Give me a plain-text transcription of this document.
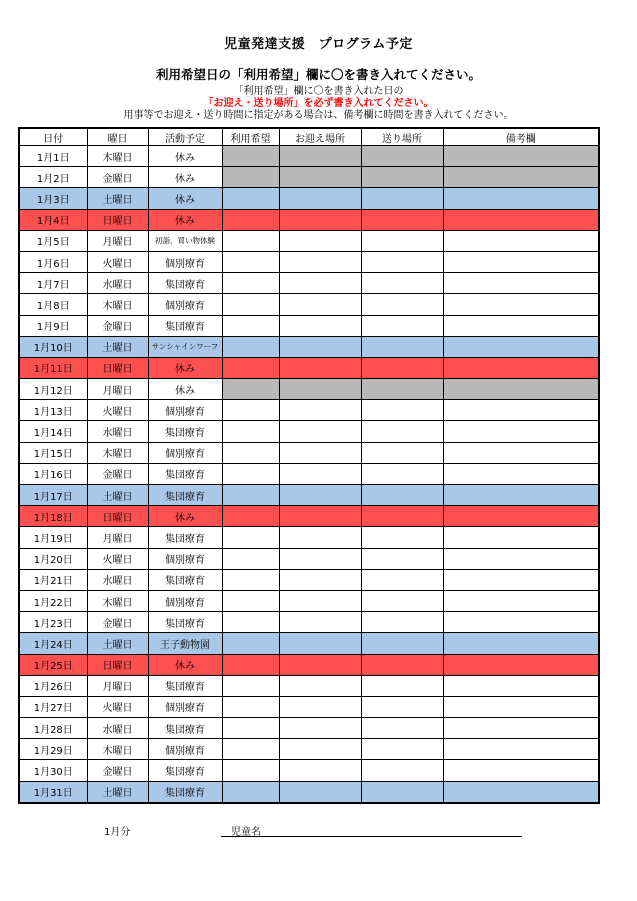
児童発達支援　プログラム予定
利用希望日の「利用希望」欄に〇を書き入れてください。
「利用希望」欄に〇を書き入れた日の
「お迎え・送り場所」を必ず書き入れてください。
用事等でお迎え・送り時間に指定がある場合は、備考欄に時間を書き入れてください。
日付	曜日	活動予定	利用希望	お迎え場所	送り場所	備考欄
1月1日	木曜日	休み				
1月2日	金曜日	休み				
1月3日	土曜日	休み				
1月4日	日曜日	休み				
1月5日	月曜日	初詣、買い物体験				
1月6日	火曜日	個別療育				
1月7日	水曜日	集団療育				
1月8日	木曜日	個別療育				
1月9日	金曜日	集団療育				
1月10日	土曜日	サンシャインワーフ				
1月11日	日曜日	休み				
1月12日	月曜日	休み				
1月13日	火曜日	個別療育				
1月14日	水曜日	集団療育				
1月15日	木曜日	個別療育				
1月16日	金曜日	集団療育				
1月17日	土曜日	集団療育				
1月18日	日曜日	休み				
1月19日	月曜日	集団療育				
1月20日	火曜日	個別療育				
1月21日	水曜日	集団療育				
1月22日	木曜日	個別療育				
1月23日	金曜日	集団療育				
1月24日	土曜日	王子動物園				
1月25日	日曜日	休み				
1月26日	月曜日	集団療育				
1月27日	火曜日	個別療育				
1月28日	水曜日	集団療育				
1月29日	木曜日	個別療育				
1月30日	金曜日	集団療育				
1月31日	土曜日	集団療育				
1月分	児童名
